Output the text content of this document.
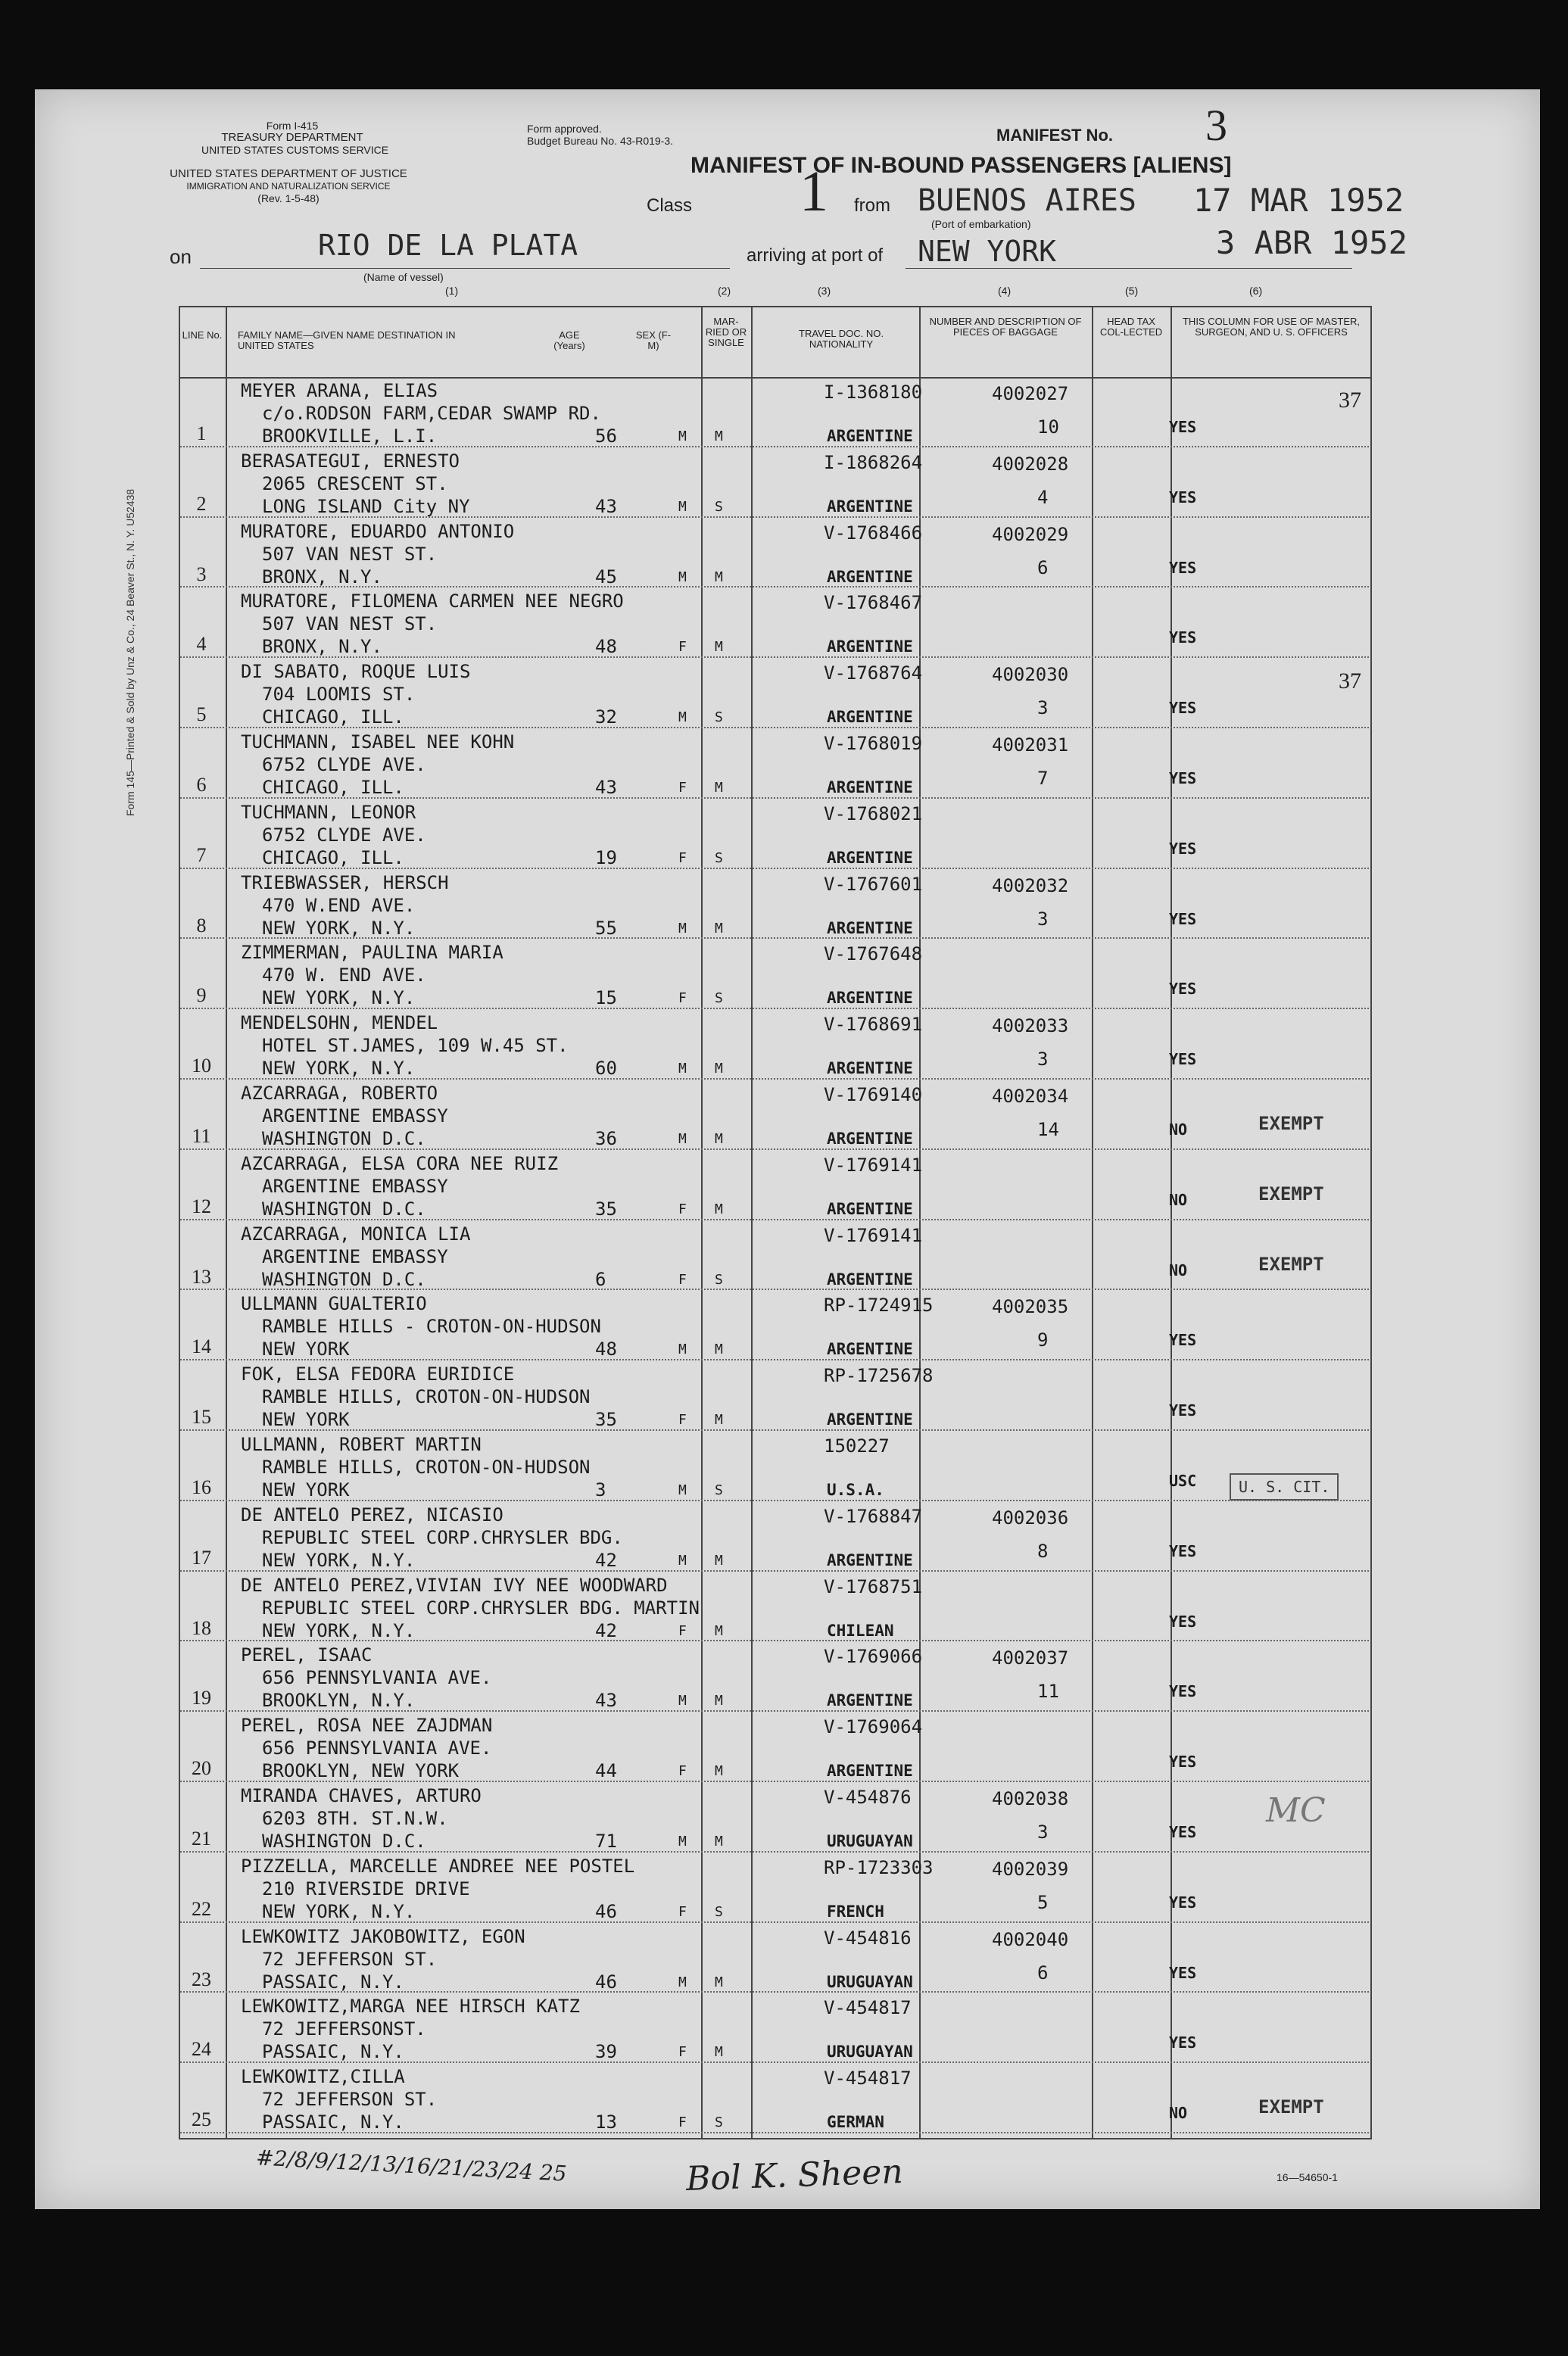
Form I-415
TREASURY DEPARTMENT
UNITED STATES CUSTOMS SERVICE
UNITED STATES DEPARTMENT OF JUSTICE
IMMIGRATION AND NATURALIZATION SERVICE
(Rev. 1-5-48)
Form approved.
Budget Bureau No. 43-R019-3.	MANIFEST No. 3
MANIFEST OF IN-BOUND PASSENGERS [ALIENS]
Class 1 from BUENOS AIRES
(Port of embarkation)
17 MAR 1952
3 ABR 1952
on	RIO DE LA PLATA
(Name of vessel)
arriving at port of NEW YORK
(1)	(2)	(3)	(4)	(5)	(6)
Form 145—Printed & Sold by Unz & Co., 24 Beaver St., N. Y. U52438
LINE No. FAMILY NAME—GIVEN NAME DESTINATION IN UNITED STATES
AGE (Years)
SEX (F-M)
MAR-RIED OR SINGLE
TRAVEL DOC. NO. NATIONALITY
NUMBER AND DESCRIPTION OF PIECES OF BAGGAGE
HEAD TAX COL-LECTED
THIS COLUMN FOR USE OF MASTER, SURGEON, AND U. S. OFFICERS
MEYER ARANA, ELIAS
c/o.RODSON FARM,CEDAR SWAMP RD.
BROOKVILLE, L.I.
1	56	M M
I-1368180
ARGENTINE
4002027
10	YES
37
BERASATEGUI, ERNESTO
2065 CRESCENT ST.
LONG ISLAND City NY
2	43	M S
I-1868264
ARGENTINE
4002028
4	YES
MURATORE, EDUARDO ANTONIO
507 VAN NEST ST.
BRONX, N.Y.
3	45	M M
V-1768466
ARGENTINE
4002029
6	YES
MURATORE, FILOMENA CARMEN NEE NEGRO
507 VAN NEST ST.
BRONX, N.Y.
4	48	F M
V-1768467
ARGENTINE	YES
DI SABATO, ROQUE LUIS
704 LOOMIS ST.
CHICAGO, ILL.
5	32	M S
V-1768764
ARGENTINE
4002030
3	YES
37
TUCHMANN, ISABEL NEE KOHN
6752 CLYDE AVE.
CHICAGO, ILL.
6	43	F M
V-1768019
ARGENTINE
4002031
7	YES
TUCHMANN, LEONOR
6752 CLYDE AVE.
CHICAGO, ILL.
7	19	F S
V-1768021
ARGENTINE	YES
TRIEBWASSER, HERSCH
470 W.END AVE.
NEW YORK, N.Y.
8	55	M M
V-1767601
ARGENTINE
4002032
3	YES
ZIMMERMAN, PAULINA MARIA
470 W. END AVE.
NEW YORK, N.Y.
9	15	F S
V-1767648
ARGENTINE	YES
MENDELSOHN, MENDEL
HOTEL ST.JAMES, 109 W.45 ST.
NEW YORK, N.Y.
10	60	M M
V-1768691
ARGENTINE
4002033
3	YES
AZCARRAGA, ROBERTO
ARGENTINE EMBASSY
WASHINGTON D.C.
11	36	M M
V-1769140
ARGENTINE
4002034
14	NO	EXEMPT
AZCARRAGA, ELSA CORA NEE RUIZ
ARGENTINE EMBASSY
WASHINGTON D.C.
12	35	F M
V-1769141
ARGENTINE	NO	EXEMPT
AZCARRAGA, MONICA LIA
ARGENTINE EMBASSY
WASHINGTON D.C.
13	6	F S
V-1769141
ARGENTINE	NO	EXEMPT
ULLMANN GUALTERIO
RAMBLE HILLS - CROTON-ON-HUDSON
NEW YORK
14	48	M M
RP-1724915
ARGENTINE
4002035
9	YES
FOK, ELSA FEDORA EURIDICE
RAMBLE HILLS, CROTON-ON-HUDSON
NEW YORK
15	35	F M
RP-1725678
ARGENTINE	YES
ULLMANN, ROBERT MARTIN
RAMBLE HILLS, CROTON-ON-HUDSON
NEW YORK
16	3	M S
150227
U.S.A.	USC	U. S. CIT.
DE ANTELO PEREZ, NICASIO
REPUBLIC STEEL CORP.CHRYSLER BDG.
NEW YORK, N.Y.
17	42	M M
V-1768847
ARGENTINE
4002036
8	YES
DE ANTELO PEREZ,VIVIAN IVY NEE WOODWARD
REPUBLIC STEEL CORP.CHRYSLER BDG. MARTIN
NEW YORK, N.Y.
18	42	F M
V-1768751
CHILEAN	YES
PEREL, ISAAC
656 PENNSYLVANIA AVE.
BROOKLYN, N.Y.
19	43	M M
V-1769066
ARGENTINE
4002037
11	YES
PEREL, ROSA NEE ZAJDMAN
656 PENNSYLVANIA AVE.
BROOKLYN, NEW YORK
20	44	F M
V-1769064
ARGENTINE	YES
MIRANDA CHAVES, ARTURO
6203 8TH. ST.N.W.
WASHINGTON D.C.
21	71	M M
V-454876
URUGUAYAN
4002038
3	YES
MC
PIZZELLA, MARCELLE ANDREE NEE POSTEL
210 RIVERSIDE DRIVE
NEW YORK, N.Y.
22	46	F S
RP-1723303
FRENCH
4002039
5	YES
LEWKOWITZ JAKOBOWITZ, EGON
72 JEFFERSON ST.
PASSAIC, N.Y.
23	46	M M
V-454816
URUGUAYAN
4002040
6	YES
LEWKOWITZ,MARGA NEE HIRSCH KATZ
72 JEFFERSONST.
PASSAIC, N.Y.
24	39	F M
V-454817
URUGUAYAN	YES
LEWKOWITZ,CILLA
72 JEFFERSON ST.
PASSAIC, N.Y.
25	13	F S
V-454817
GERMAN	NO	EXEMPT
#2/8/9/12/13/16/21/23/24 25	Bol K. Sheen	16—54650-1
